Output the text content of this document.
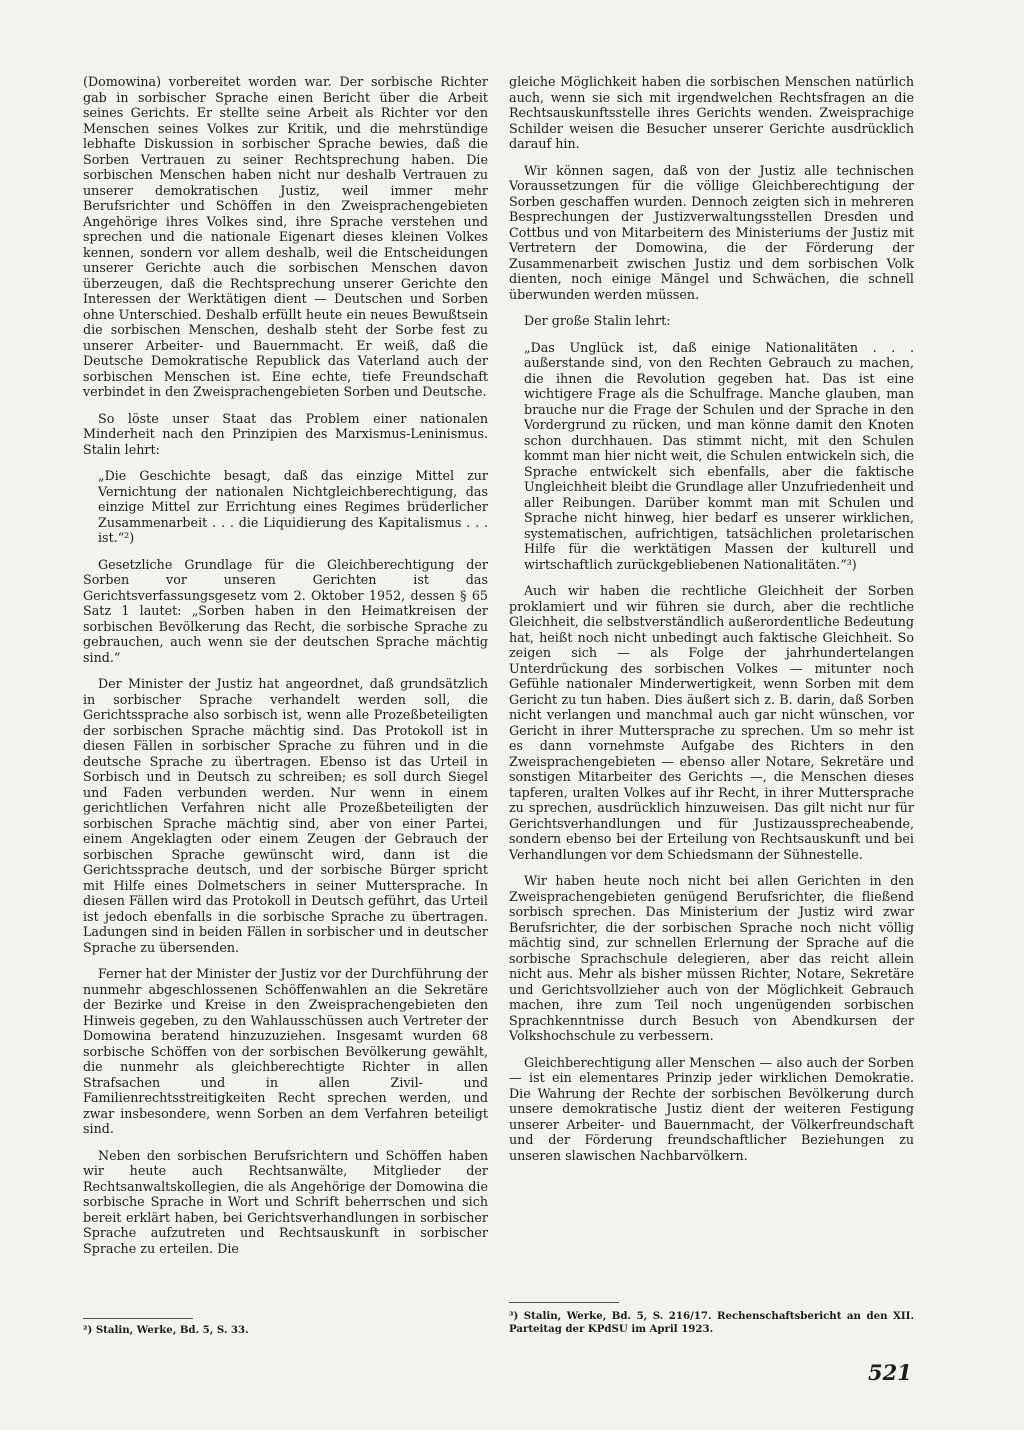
(Domowina) vorbereitet worden war. Der sorbische Richter gab in sorbischer Sprache einen Bericht über die Arbeit seines Gerichts. Er stellte seine Arbeit als Richter vor den Menschen seines Volkes zur Kritik, und die mehrstündige lebhafte Diskussion in sorbischer Sprache bewies, daß die Sorben Vertrauen zu seiner Rechtsprechung haben. Die sorbischen Menschen haben nicht nur deshalb Vertrauen zu unserer demokratischen Justiz, weil immer mehr Berufsrichter und Schöffen in den Zweisprachengebieten Angehörige ihres Volkes sind, ihre Sprache verstehen und sprechen und die nationale Eigenart dieses kleinen Volkes kennen, sondern vor allem deshalb, weil die Entscheidungen unserer Gerichte auch die sorbischen Menschen davon überzeugen, daß die Rechtsprechung unserer Gerichte den Interessen der Werktätigen dient — Deutschen und Sorben ohne Unterschied. Deshalb erfüllt heute ein neues Bewußtsein die sorbischen Menschen, deshalb steht der Sorbe fest zu unserer Arbeiter- und Bauernmacht. Er weiß, daß die Deutsche Demokratische Republick das Vaterland auch der sorbischen Menschen ist. Eine echte, tiefe Freundschaft verbindet in den Zweisprachengebieten Sorben und Deutsche.

So löste unser Staat das Problem einer nationalen Minderheit nach den Prinzipien des Marxismus-Leninismus. Stalin lehrt:

„Die Geschichte besagt, daß das einzige Mittel zur Vernichtung der nationalen Nichtgleichberechtigung, das einzige Mittel zur Errichtung eines Regimes brüderlicher Zusammenarbeit . . . die Liquidierung des Kapitalismus . . . ist.“²)

Gesetzliche Grundlage für die Gleichberechtigung der Sorben vor unseren Gerichten ist das Gerichtsverfassungsgesetz vom 2. Oktober 1952, dessen § 65 Satz 1 lautet: „Sorben haben in den Heimatkreisen der sorbischen Bevölkerung das Recht, die sorbische Sprache zu gebrauchen, auch wenn sie der deutschen Sprache mächtig sind.“

Der Minister der Justiz hat angeordnet, daß grundsätzlich in sorbischer Sprache verhandelt werden soll, die Gerichtssprache also sorbisch ist, wenn alle Prozeßbeteiligten der sorbischen Sprache mächtig sind. Das Protokoll ist in diesen Fällen in sorbischer Sprache zu führen und in die deutsche Sprache zu übertragen. Ebenso ist das Urteil in Sorbisch und in Deutsch zu schreiben; es soll durch Siegel und Faden verbunden werden. Nur wenn in einem gerichtlichen Verfahren nicht alle Prozeßbeteiligten der sorbischen Sprache mächtig sind, aber von einer Partei, einem Angeklagten oder einem Zeugen der Gebrauch der sorbischen Sprache gewünscht wird, dann ist die Gerichtssprache deutsch, und der sorbische Bürger spricht mit Hilfe eines Dolmetschers in seiner Muttersprache. In diesen Fällen wird das Protokoll in Deutsch geführt, das Urteil ist jedoch ebenfalls in die sorbische Sprache zu übertragen. Ladungen sind in beiden Fällen in sorbischer und in deutscher Sprache zu übersenden.

Ferner hat der Minister der Justiz vor der Durchführung der nunmehr abgeschlossenen Schöffenwahlen an die Sekretäre der Bezirke und Kreise in den Zweisprachengebieten den Hinweis gegeben, zu den Wahlausschüssen auch Vertreter der Domowina beratend hinzuzuziehen. Insgesamt wurden 68 sorbische Schöffen von der sorbischen Bevölkerung gewählt, die nunmehr als gleichberechtigte Richter in allen Strafsachen und in allen Zivil- und Familienrechtsstreitigkeiten Recht sprechen werden, und zwar insbesondere, wenn Sorben an dem Verfahren beteiligt sind.

Neben den sorbischen Berufsrichtern und Schöffen haben wir heute auch Rechtsanwälte, Mitglieder der Rechtsanwaltskollegien, die als Angehörige der Domowina die sorbische Sprache in Wort und Schrift beherrschen und sich bereit erklärt haben, bei Gerichtsverhandlungen in sorbischer Sprache aufzutreten und Rechtsauskunft in sorbischer Sprache zu erteilen. Die

gleiche Möglichkeit haben die sorbischen Menschen natürlich auch, wenn sie sich mit irgendwelchen Rechtsfragen an die Rechtsauskunftsstelle ihres Gerichts wenden. Zweisprachige Schilder weisen die Besucher unserer Gerichte ausdrücklich darauf hin.

Wir können sagen, daß von der Justiz alle technischen Voraussetzungen für die völlige Gleichberechtigung der Sorben geschaffen wurden. Dennoch zeigten sich in mehreren Besprechungen der Justizverwaltungsstellen Dresden und Cottbus und von Mitarbeitern des Ministeriums der Justiz mit Vertretern der Domowina, die der Förderung der Zusammenarbeit zwischen Justiz und dem sorbischen Volk dienten, noch einige Mängel und Schwächen, die schnell überwunden werden müssen.

Der große Stalin lehrt:

„Das Unglück ist, daß einige Nationalitäten . . . außerstande sind, von den Rechten Gebrauch zu machen, die ihnen die Revolution gegeben hat. Das ist eine wichtigere Frage als die Schulfrage. Manche glauben, man brauche nur die Frage der Schulen und der Sprache in den Vordergrund zu rücken, und man könne damit den Knoten schon durchhauen. Das stimmt nicht, mit den Schulen kommt man hier nicht weit, die Schulen entwickeln sich, die Sprache entwickelt sich ebenfalls, aber die faktische Ungleichheit bleibt die Grundlage aller Unzufriedenheit und aller Reibungen. Darüber kommt man mit Schulen und Sprache nicht hinweg, hier bedarf es unserer wirklichen, systematischen, aufrichtigen, tatsächlichen proletarischen Hilfe für die werktätigen Massen der kulturell und wirtschaftlich zurückgebliebenen Nationalitäten.“³)

Auch wir haben die rechtliche Gleichheit der Sorben proklamiert und wir führen sie durch, aber die rechtliche Gleichheit, die selbstverständlich außerordentliche Bedeutung hat, heißt noch nicht unbedingt auch faktische Gleichheit. So zeigen sich — als Folge der jahrhundertelangen Unterdrückung des sorbischen Volkes — mitunter noch Gefühle nationaler Minderwertigkeit, wenn Sorben mit dem Gericht zu tun haben. Dies äußert sich z. B. darin, daß Sorben nicht verlangen und manchmal auch gar nicht wünschen, vor Gericht in ihrer Muttersprache zu sprechen. Um so mehr ist es dann vornehmste Aufgabe des Richters in den Zweisprachengebieten — ebenso aller Notare, Sekretäre und sonstigen Mitarbeiter des Gerichts —, die Menschen dieses tapferen, uralten Volkes auf ihr Recht, in ihrer Muttersprache zu sprechen, ausdrücklich hinzuweisen. Das gilt nicht nur für Gerichtsverhandlungen und für Justizaussprecheabende, sondern ebenso bei der Erteilung von Rechtsauskunft und bei Verhandlungen vor dem Schiedsmann der Sühnestelle.

Wir haben heute noch nicht bei allen Gerichten in den Zweisprachengebieten genügend Berufsrichter, die fließend sorbisch sprechen. Das Ministerium der Justiz wird zwar Berufsrichter, die der sorbischen Sprache noch nicht völlig mächtig sind, zur schnellen Erlernung der Sprache auf die sorbische Sprachschule delegieren, aber das reicht allein nicht aus. Mehr als bisher müssen Richter, Notare, Sekretäre und Gerichtsvollzieher auch von der Möglichkeit Gebrauch machen, ihre zum Teil noch ungenügenden sorbischen Sprachkenntnisse durch Besuch von Abendkursen der Volkshochschule zu verbessern.

Gleichberechtigung aller Menschen — also auch der Sorben — ist ein elementares Prinzip jeder wirklichen Demokratie. Die Wahrung der Rechte der sorbischen Bevölkerung durch unsere demokratische Justiz dient der weiteren Festigung unserer Arbeiter- und Bauernmacht, der Völkerfreundschaft und der Förderung freundschaftlicher Beziehungen zu unseren slawischen Nachbarvölkern.

²) Stalin, Werke, Bd. 5, S. 33.
³) Stalin, Werke, Bd. 5, S. 216/17. Rechenschaftsbericht an den XII. Parteitag der KPdSU im April 1923.
521
